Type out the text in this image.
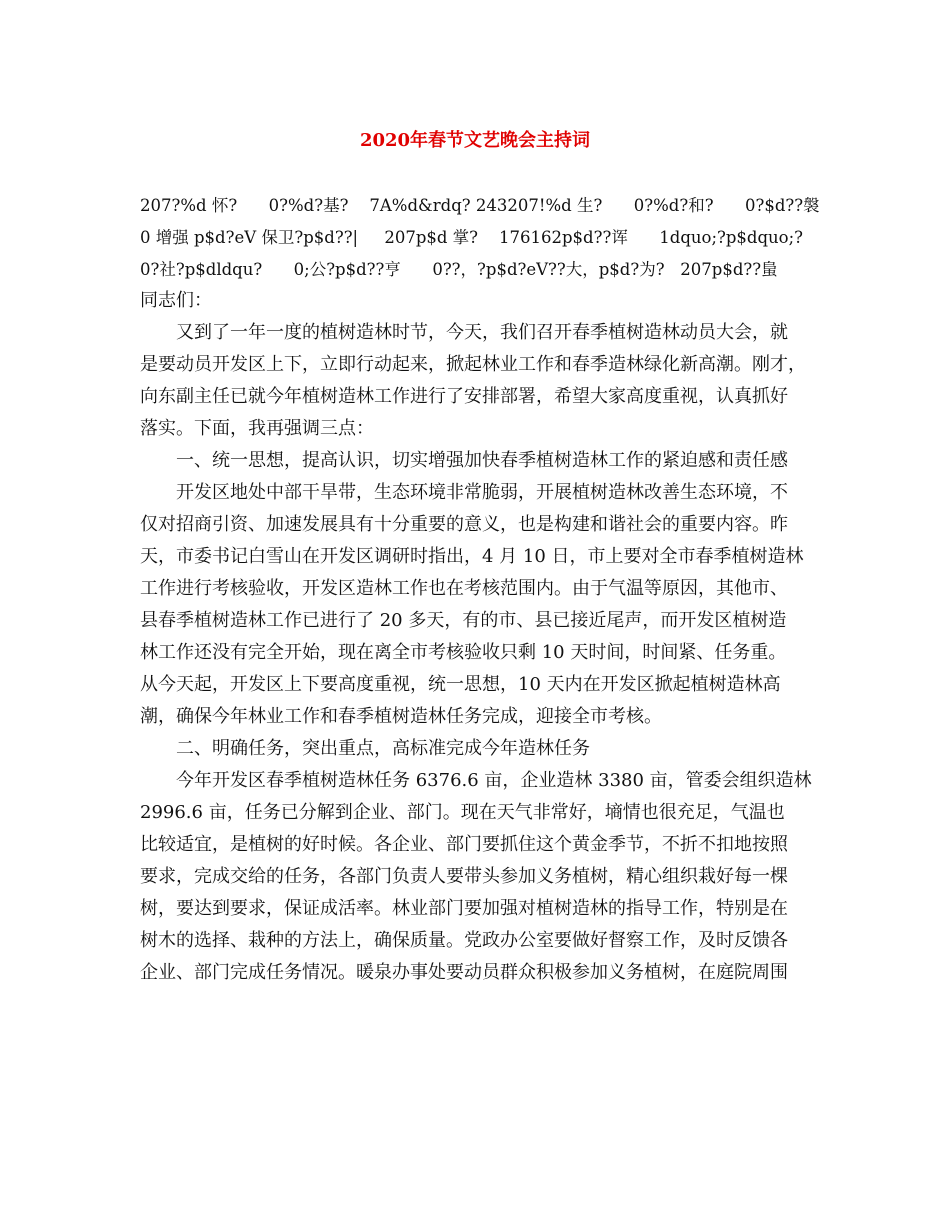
2020年春节文艺晚会主持词
207?%d 怀?      0?%d?基?    7A%d&rdq? 243207!%d 生?      0?%d?和?      0?$d??褩
0 增强 p$d?eV 保卫?p$d??|     207p$d 掌?    176162p$d??诨      1dquo;?p$dquo;?
0?社?p$dldqu?      0;公?p$d??亨      0??，?p$d?eV??大，p$d?为?   207p$d??蛗
同志们：
　　又到了一年一度的植树造林时节，今天，我们召开春季植树造林动员大会，就
是要动员开发区上下，立即行动起来，掀起林业工作和春季造林绿化新高潮。刚才，
向东副主任已就今年植树造林工作进行了安排部署，希望大家高度重视，认真抓好
落实。下面，我再强调三点：
　　一、统一思想，提高认识，切实增强加快春季植树造林工作的紧迫感和责任感
　　开发区地处中部干旱带，生态环境非常脆弱，开展植树造林改善生态环境，不
仅对招商引资、加速发展具有十分重要的意义，也是构建和谐社会的重要内容。昨
天，市委书记白雪山在开发区调研时指出，4 月 10 日，市上要对全市春季植树造林
工作进行考核验收，开发区造林工作也在考核范围内。由于气温等原因，其他市、
县春季植树造林工作已进行了 20 多天，有的市、县已接近尾声，而开发区植树造
林工作还没有完全开始，现在离全市考核验收只剩 10 天时间，时间紧、任务重。
从今天起，开发区上下要高度重视，统一思想，10 天内在开发区掀起植树造林高
潮，确保今年林业工作和春季植树造林任务完成，迎接全市考核。
　　二、明确任务，突出重点，高标准完成今年造林任务
　　今年开发区春季植树造林任务 6376.6 亩，企业造林 3380 亩，管委会组织造林
2996.6 亩，任务已分解到企业、部门。现在天气非常好，墒情也很充足，气温也
比较适宜，是植树的好时候。各企业、部门要抓住这个黄金季节，不折不扣地按照
要求，完成交给的任务，各部门负责人要带头参加义务植树，精心组织栽好每一棵
树，要达到要求，保证成活率。林业部门要加强对植树造林的指导工作，特别是在
树木的选择、栽种的方法上，确保质量。党政办公室要做好督察工作，及时反馈各
企业、部门完成任务情况。暖泉办事处要动员群众积极参加义务植树，在庭院周围
